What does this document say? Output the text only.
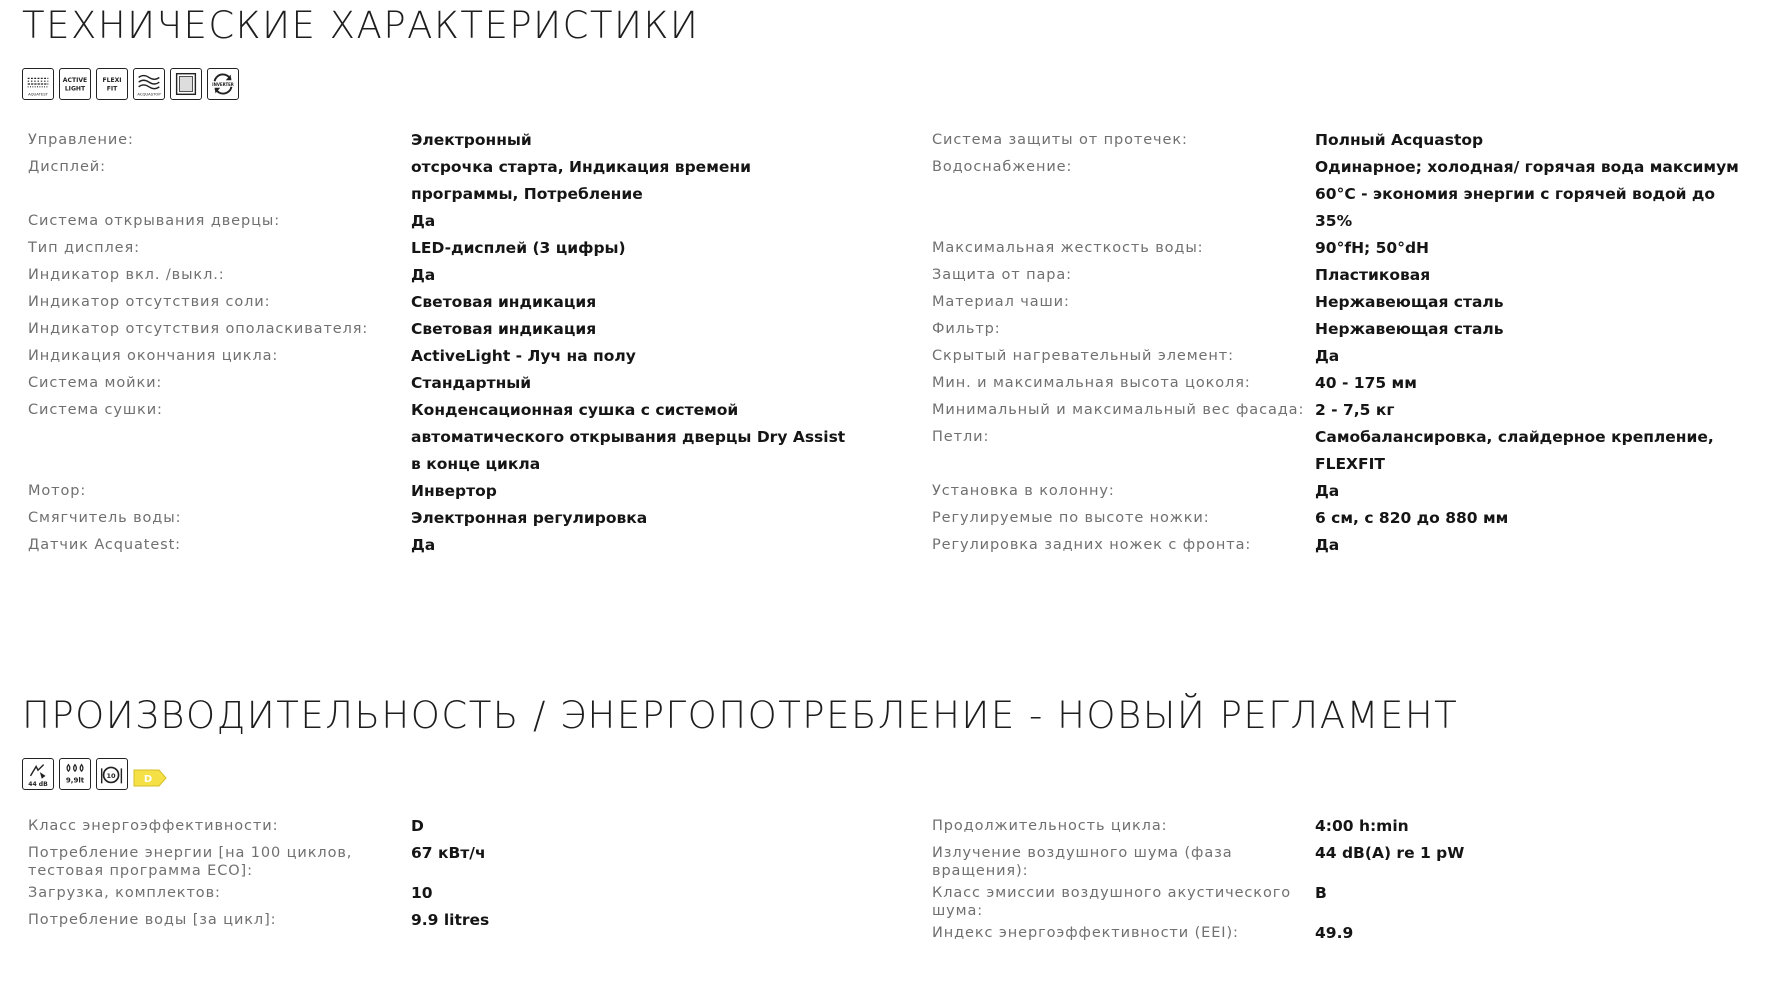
ТЕХНИЧЕСКИЕ ХАРАКТЕРИСТИКИ
AQUATEST
ACTIVE
LIGHT
FLEXI
FIT
ACQUASTOP
INVERTER
Управление:	Электронный
Дисплей:	отсрочка старта, Индикация времени программы, Потребление
Система открывания дверцы:	Да
Тип дисплея:	LED-дисплей (3 цифры)
Индикатор вкл. /выкл.:	Да
Индикатор отсутствия соли:	Световая индикация
Индикатор отсутствия ополаскивателя:	Световая индикация
Индикация окончания цикла:	ActiveLight - Луч на полу
Система мойки:	Стандартный
Система сушки:	Конденсационная сушка с системой автоматического открывания дверцы Dry Assist в конце цикла
Мотор:	Инвертор
Смягчитель воды:	Электронная регулировка
Датчик Acquatest:	Да
Система защиты от протечек:	Полный Acquastop
Водоснабжение:	Одинарное; холодная/ горячая вода максимум 60°C - экономия энергии с горячей водой до 35%
Максимальная жесткость воды:	90°fH; 50°dH
Защита от пара:	Пластиковая
Материал чаши:	Нержавеющая сталь
Фильтр:	Нержавеющая сталь
Скрытый нагревательный элемент:	Да
Мин. и максимальная высота цоколя:	40 - 175 мм
Минимальный и максимальный вес фасада: 2 - 7,5 кг
Петли:	Самобалансировка, слайдерное крепление, FLEXFIT
Установка в колонну:	Да
Регулируемые по высоте ножки:	6 см, с 820 до 880 мм
Регулировка задних ножек с фронта:	Да
ПРОИЗВОДИТЕЛЬНОСТЬ / ЭНЕРГОПОТРЕБЛЕНИЕ - НОВЫЙ РЕГЛАМЕНТ
44 dB
9,9lt	10	D
Класс энергоэффективности:	D
Потребление энергии [на 100 циклов, тестовая программа ECO]:
67 кВт/ч
Загрузка, комплектов:	10
Потребление воды [за цикл]:	9.9 litres
Продолжительность цикла:	4:00 h:min
Излучение воздушного шума (фаза вращения):
44 dB(A) re 1 pW
Класс эмиссии воздушного акустического шума:
B
Индекс энергоэффективности (EEI):	49.9
